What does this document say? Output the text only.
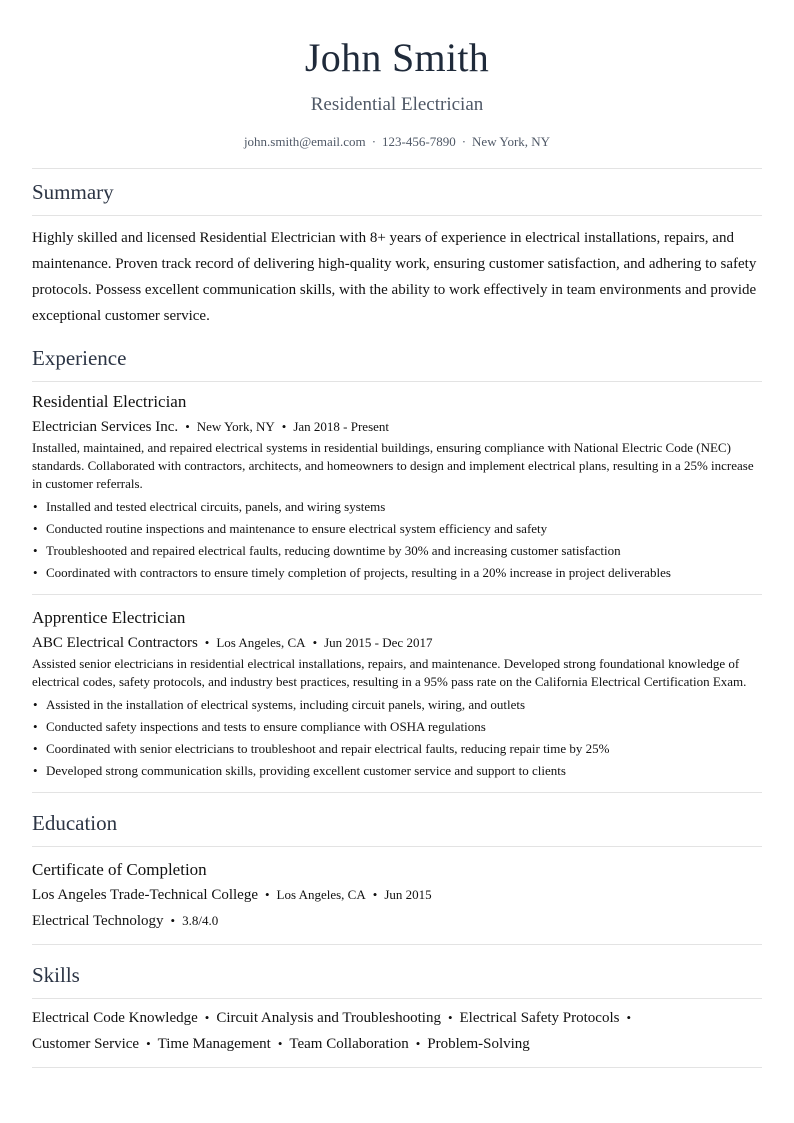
John Smith
Residential Electrician
john.smith@email.com · 123-456-7890 · New York, NY
Summary
Highly skilled and licensed Residential Electrician with 8+ years of experience in electrical installations, repairs, and maintenance. Proven track record of delivering high-quality work, ensuring customer satisfaction, and adhering to safety protocols. Possess excellent communication skills, with the ability to work effectively in team environments and provide exceptional customer service.
Experience
Residential Electrician
Electrician Services Inc. • New York, NY • Jan 2018 - Present
Installed, maintained, and repaired electrical systems in residential buildings, ensuring compliance with National Electric Code (NEC) standards. Collaborated with contractors, architects, and homeowners to design and implement electrical plans, resulting in a 25% increase in customer referrals.
• Installed and tested electrical circuits, panels, and wiring systems
• Conducted routine inspections and maintenance to ensure electrical system efficiency and safety
• Troubleshooted and repaired electrical faults, reducing downtime by 30% and increasing customer satisfaction
• Coordinated with contractors to ensure timely completion of projects, resulting in a 20% increase in project deliverables
Apprentice Electrician
ABC Electrical Contractors • Los Angeles, CA • Jun 2015 - Dec 2017
Assisted senior electricians in residential electrical installations, repairs, and maintenance. Developed strong foundational knowledge of electrical codes, safety protocols, and industry best practices, resulting in a 95% pass rate on the California Electrical Certification Exam.
• Assisted in the installation of electrical systems, including circuit panels, wiring, and outlets
• Conducted safety inspections and tests to ensure compliance with OSHA regulations
• Coordinated with senior electricians to troubleshoot and repair electrical faults, reducing repair time by 25%
• Developed strong communication skills, providing excellent customer service and support to clients
Education
Certificate of Completion
Los Angeles Trade-Technical College • Los Angeles, CA • Jun 2015
Electrical Technology • 3.8/4.0
Skills
Electrical Code Knowledge • Circuit Analysis and Troubleshooting • Electrical Safety Protocols •
Customer Service • Time Management • Team Collaboration • Problem-Solving
